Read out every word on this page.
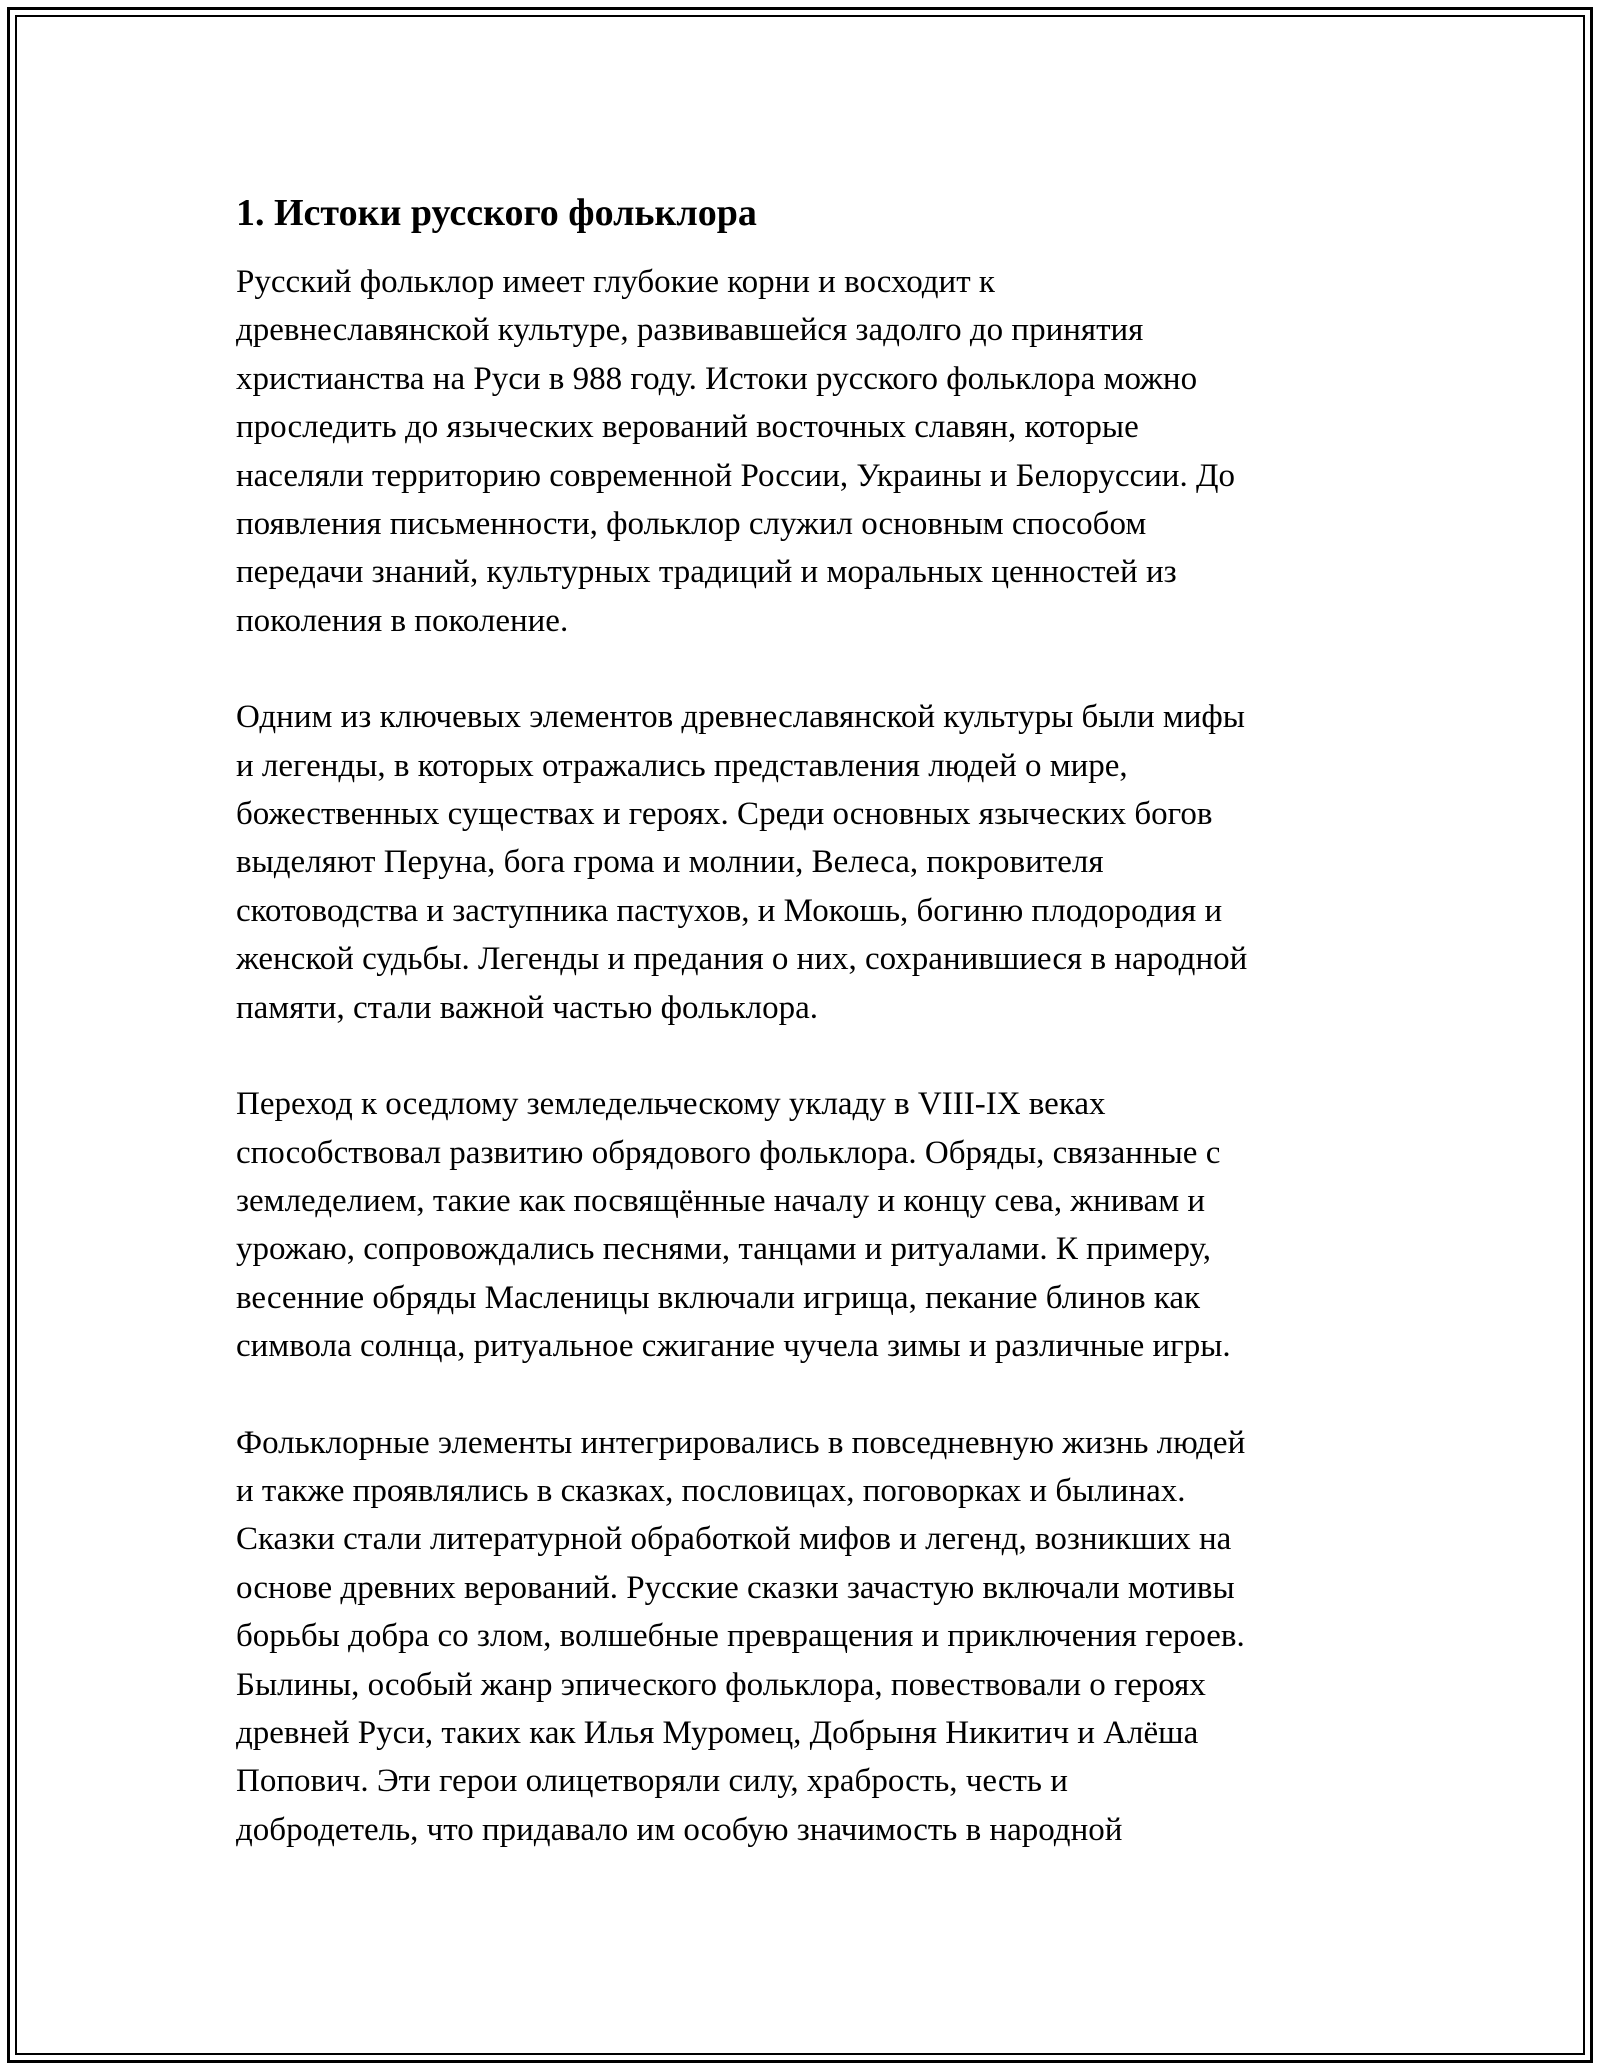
1. Истоки русского фольклора
Русский фольклор имеет глубокие корни и восходит к
древнеславянской культуре, развивавшейся задолго до принятия
христианства на Руси в 988 году. Истоки русского фольклора можно
проследить до языческих верований восточных славян, которые
населяли территорию современной России, Украины и Белоруссии. До
появления письменности, фольклор служил основным способом
передачи знаний, культурных традиций и моральных ценностей из
поколения в поколение.
Одним из ключевых элементов древнеславянской культуры были мифы
и легенды, в которых отражались представления людей о мире,
божественных существах и героях. Среди основных языческих богов
выделяют Перуна, бога грома и молнии, Велеса, покровителя
скотоводства и заступника пастухов, и Мокошь, богиню плодородия и
женской судьбы. Легенды и предания о них, сохранившиеся в народной
памяти, стали важной частью фольклора.
Переход к оседлому земледельческому укладу в VIII-IX веках
способствовал развитию обрядового фольклора. Обряды, связанные с
земледелием, такие как посвящённые началу и концу сева, жнивам и
урожаю, сопровождались песнями, танцами и ритуалами. К примеру,
весенние обряды Масленицы включали игрища, пекание блинов как
символа солнца, ритуальное сжигание чучела зимы и различные игры.
Фольклорные элементы интегрировались в повседневную жизнь людей
и также проявлялись в сказках, пословицах, поговорках и былинах.
Сказки стали литературной обработкой мифов и легенд, возникших на
основе древних верований. Русские сказки зачастую включали мотивы
борьбы добра со злом, волшебные превращения и приключения героев.
Былины, особый жанр эпического фольклора, повествовали о героях
древней Руси, таких как Илья Муромец, Добрыня Никитич и Алёша
Попович. Эти герои олицетворяли силу, храбрость, честь и
добродетель, что придавало им особую значимость в народной
